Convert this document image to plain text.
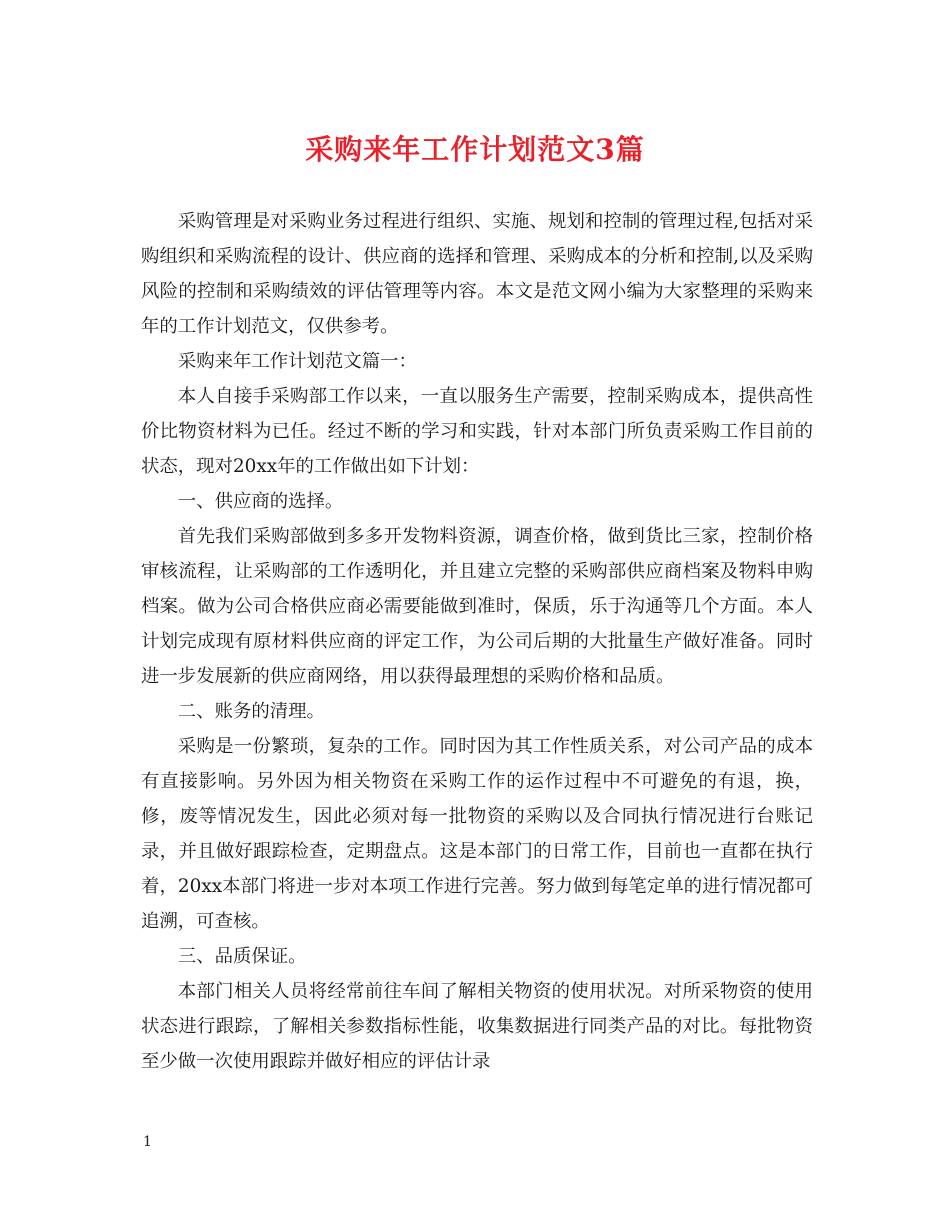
采购来年工作计划范文3篇

采购管理是对采购业务过程进行组织、实施、规划和控制的管理过程,包括对采购组织和采购流程的设计、供应商的选择和管理、采购成本的分析和控制,以及采购风险的控制和采购绩效的评估管理等内容。本文是范文网小编为大家整理的采购来年的工作计划范文，仅供参考。

采购来年工作计划范文篇一：

本人自接手采购部工作以来，一直以服务生产需要，控制采购成本，提供高性价比物资材料为已任。经过不断的学习和实践，针对本部门所负责采购工作目前的状态，现对20xx年的工作做出如下计划：

一、供应商的选择。

首先我们采购部做到多多开发物料资源，调查价格，做到货比三家，控制价格审核流程，让采购部的工作透明化，并且建立完整的采购部供应商档案及物料申购档案。做为公司合格供应商必需要能做到准时，保质，乐于沟通等几个方面。本人计划完成现有原材料供应商的评定工作，为公司后期的大批量生产做好准备。同时进一步发展新的供应商网络，用以获得最理想的采购价格和品质。

二、账务的清理。

采购是一份繁琐，复杂的工作。同时因为其工作性质关系，对公司产品的成本有直接影响。另外因为相关物资在采购工作的运作过程中不可避免的有退，换，修，废等情况发生，因此必须对每一批物资的采购以及合同执行情况进行台账记录，并且做好跟踪检查，定期盘点。这是本部门的日常工作，目前也一直都在执行着，20xx本部门将进一步对本项工作进行完善。努力做到每笔定单的进行情况都可追溯，可查核。

三、品质保证。

本部门相关人员将经常前往车间了解相关物资的使用状况。对所采物资的使用状态进行跟踪，了解相关参数指标性能，收集数据进行同类产品的对比。每批物资至少做一次使用跟踪并做好相应的评估计录

1
